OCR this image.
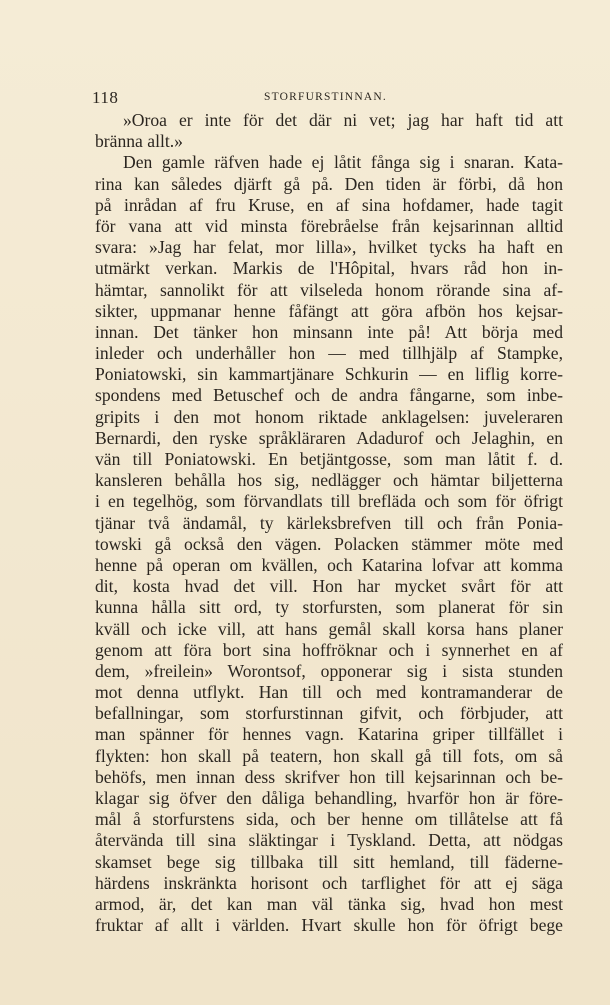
118	STORFURSTINNAN.
»Oroa er inte för det där ni vet; jag har haft tid att
bränna allt.»
Den gamle räfven hade ej låtit fånga sig i snaran. Kata-
rina kan således djärft gå på. Den tiden är förbi, då hon
på inrådan af fru Kruse, en af sina hofdamer, hade tagit
för vana att vid minsta förebråelse från kejsarinnan alltid
svara: »Jag har felat, mor lilla», hvilket tycks ha haft en
utmärkt verkan. Markis de l'Hôpital, hvars råd hon in-
hämtar, sannolikt för att vilseleda honom rörande sina af-
sikter, uppmanar henne fåfängt att göra afbön hos kejsar-
innan. Det tänker hon minsann inte på! Att börja med
inleder och underhåller hon — med tillhjälp af Stampke,
Poniatowski, sin kammartjänare Schkurin — en liflig korre-
spondens med Betuschef och de andra fångarne, som inbe-
gripits i den mot honom riktade anklagelsen: juveleraren
Bernardi, den ryske språkläraren Adadurof och Jelaghin, en
vän till Poniatowski. En betjäntgosse, som man låtit f. d.
kansleren behålla hos sig, nedlägger och hämtar biljetterna
i en tegelhög, som förvandlats till brefläda och som för öfrigt
tjänar två ändamål, ty kärleksbrefven till och från Ponia-
towski gå också den vägen. Polacken stämmer möte med
henne på operan om kvällen, och Katarina lofvar att komma
dit, kosta hvad det vill. Hon har mycket svårt för att
kunna hålla sitt ord, ty storfursten, som planerat för sin
kväll och icke vill, att hans gemål skall korsa hans planer
genom att föra bort sina hoffröknar och i synnerhet en af
dem, »freilein» Worontsof, opponerar sig i sista stunden
mot denna utflykt. Han till och med kontramanderar de
befallningar, som storfurstinnan gifvit, och förbjuder, att
man spänner för hennes vagn. Katarina griper tillfället i
flykten: hon skall på teatern, hon skall gå till fots, om så
behöfs, men innan dess skrifver hon till kejsarinnan och be-
klagar sig öfver den dåliga behandling, hvarför hon är före-
mål å storfurstens sida, och ber henne om tillåtelse att få
återvända till sina släktingar i Tyskland. Detta, att nödgas
skamset bege sig tillbaka till sitt hemland, till fäderne-
härdens inskränkta horisont och tarflighet för att ej säga
armod, är, det kan man väl tänka sig, hvad hon mest
fruktar af allt i världen. Hvart skulle hon för öfrigt bege
